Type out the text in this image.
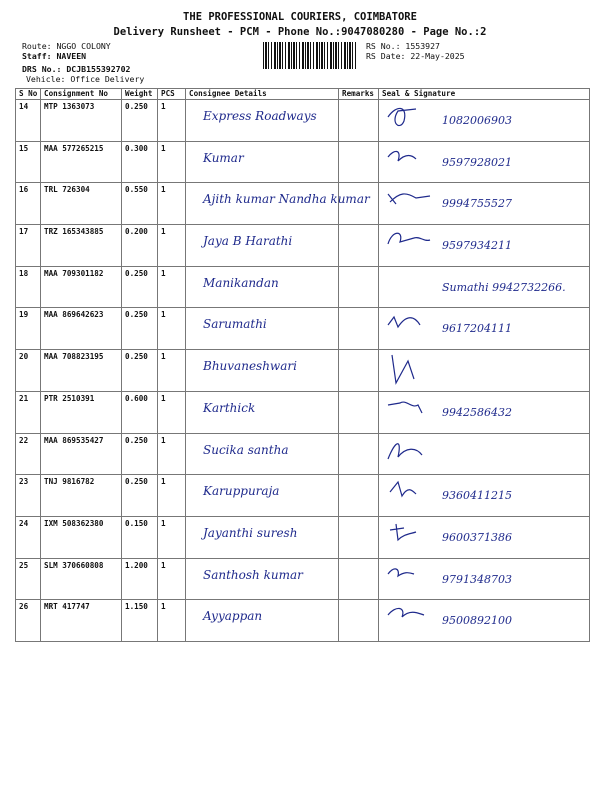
THE PROFESSIONAL COURIERS, COIMBATORE
Delivery Runsheet - PCM - Phone No.:9047080280 - Page No.:2
Route: NGGO COLONY
Staff: NAVEEN
DRS No.: DCJB155392702
Vehicle: Office Delivery
RS No.: 1553927
RS Date: 22-May-2025
S No	Consignment No	Weight	PCS	Consignee Details	Remarks	Seal & Signature
14	MTP 1363073	0.250	1	Express Roadways		1082006903

15	MAA 577265215	0.300	1	Kumar		9597928021

16	TRL 726304	0.550	1	Ajith kumar Nandha kumar		9994755527

17	TRZ 165343885	0.200	1	Jaya B Harathi		9597934211

18	MAA 709301182	0.250	1	Manikandan		Sumathi 9942732266.

19	MAA 869642623	0.250	1	Sarumathi		9617204111

20	MAA 708823195	0.250	1	Bhuvaneshwari

21	PTR 2510391	0.600	1	Karthick		9942586432

22	MAA 869535427	0.250	1	Sucika santha

23	TNJ 9816782	0.250	1	Karuppuraja		9360411215

24	IXM 508362380	0.150	1	Jayanthi suresh		9600371386

25	SLM 370660808	1.200	1	Santhosh kumar		9791348703

26	MRT 417747	1.150	1	Ayyappan		9500892100
